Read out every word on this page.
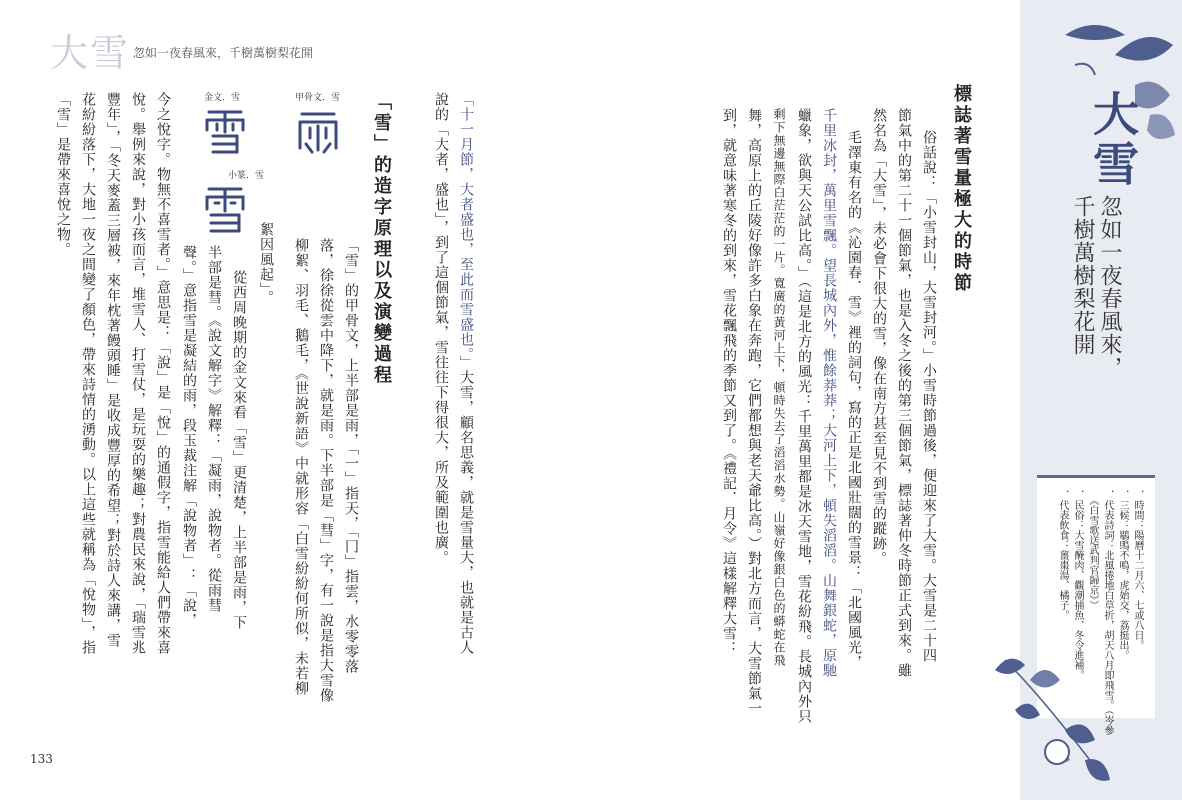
大雪 忽如一夜春風來，千樹萬樹梨花開
「十一月節，大者盛也，至此而雪盛也。」大雪，顧名思義，就是雪量大，也就是古人
說的「大者，盛也」，到了這個節氣，雪往往下得很大，所及範圍也廣。
「雪」的造字原理以及演變過程
甲骨文．雪
金文．雪
小篆．雪
絮因風起」。	「雪」的甲骨文，上半部是雨，「一」指天，「冂」指雲，水零零落
落，徐徐從雲中降下，就是雨。下半部是「彗」字，有一說是指大雪像
柳絮、羽毛、鵝毛，《世說新語》中就形容「白雪紛紛何所似，未若柳
從西周晚期的金文來看「雪」更清楚，上半部是雨，下
半部是彗。《說文解字》解釋：「凝雨，說物者。從雨彗
聲。」意指雪是凝結的雨，段玉裁注解「說物者」：「說，
今之悅字。物無不喜雪者。」意思是：「說」是「悅」的通假字，指雪能給人們帶來喜
悅。舉例來說，對小孩而言，堆雪人、打雪仗，是玩耍的樂趣；對農民來說，「瑞雪兆
豐年」，「冬天麥蓋三層被，來年枕著饅頭睡」是收成豐厚的希望；對於詩人來講，雪
花紛紛落下，大地一夜之間變了顏色，帶來詩情的湧動。以上這些就稱為「悅物」，指
「雪」是帶來喜悅之物。
133
標誌著雪量極大的時節
俗話說：「小雪封山，大雪封河。」小雪時節過後，便迎來了大雪。大雪是二十四
節氣中的第二十一個節氣，也是入冬之後的第三個節氣，標誌著仲冬時節正式到來。雖
然名為「大雪」，未必會下很大的雪，像在南方甚至見不到雪的蹤跡。
毛澤東有名的《沁園春．雪》裡的詞句，寫的正是北國壯闊的雪景：「北國風光，
千里冰封，萬里雪飄。望長城內外，惟餘莽莽；大河上下，頓失滔滔。山舞銀蛇，原馳
蠟象，欲與天公試比高。」（這是北方的風光：千里萬里都是冰天雪地，雪花紛飛。長城內外只
剩下無邊無際白茫茫的一片。寬廣的黃河上下，頓時失去了滔滔水勢。山嶺好像銀白色的蟒蛇在飛
舞，高原上的丘陵好像許多白象在奔跑，它們都想與老天爺比高。）對北方而言，大雪節氣一
到，就意味著寒冬的到來，雪花飄飛的季節又到了。《禮記．月令》這樣解釋大雪：	大雪
忽如一夜春風來，
千樹萬樹梨花開
．時間：陽曆十二月六、七或八日。
．三候：鶡鴠不鳴，虎始交，荔挺出。
．代表詩詞：北風捲地白草折，胡天八月即飛雪。（岑參
　《白雪歌送武判官歸京》）
．民俗：大雪醃肉、觀潮捕魚、冬令進補。
．代表飲食：薑棗湯、橘子。
